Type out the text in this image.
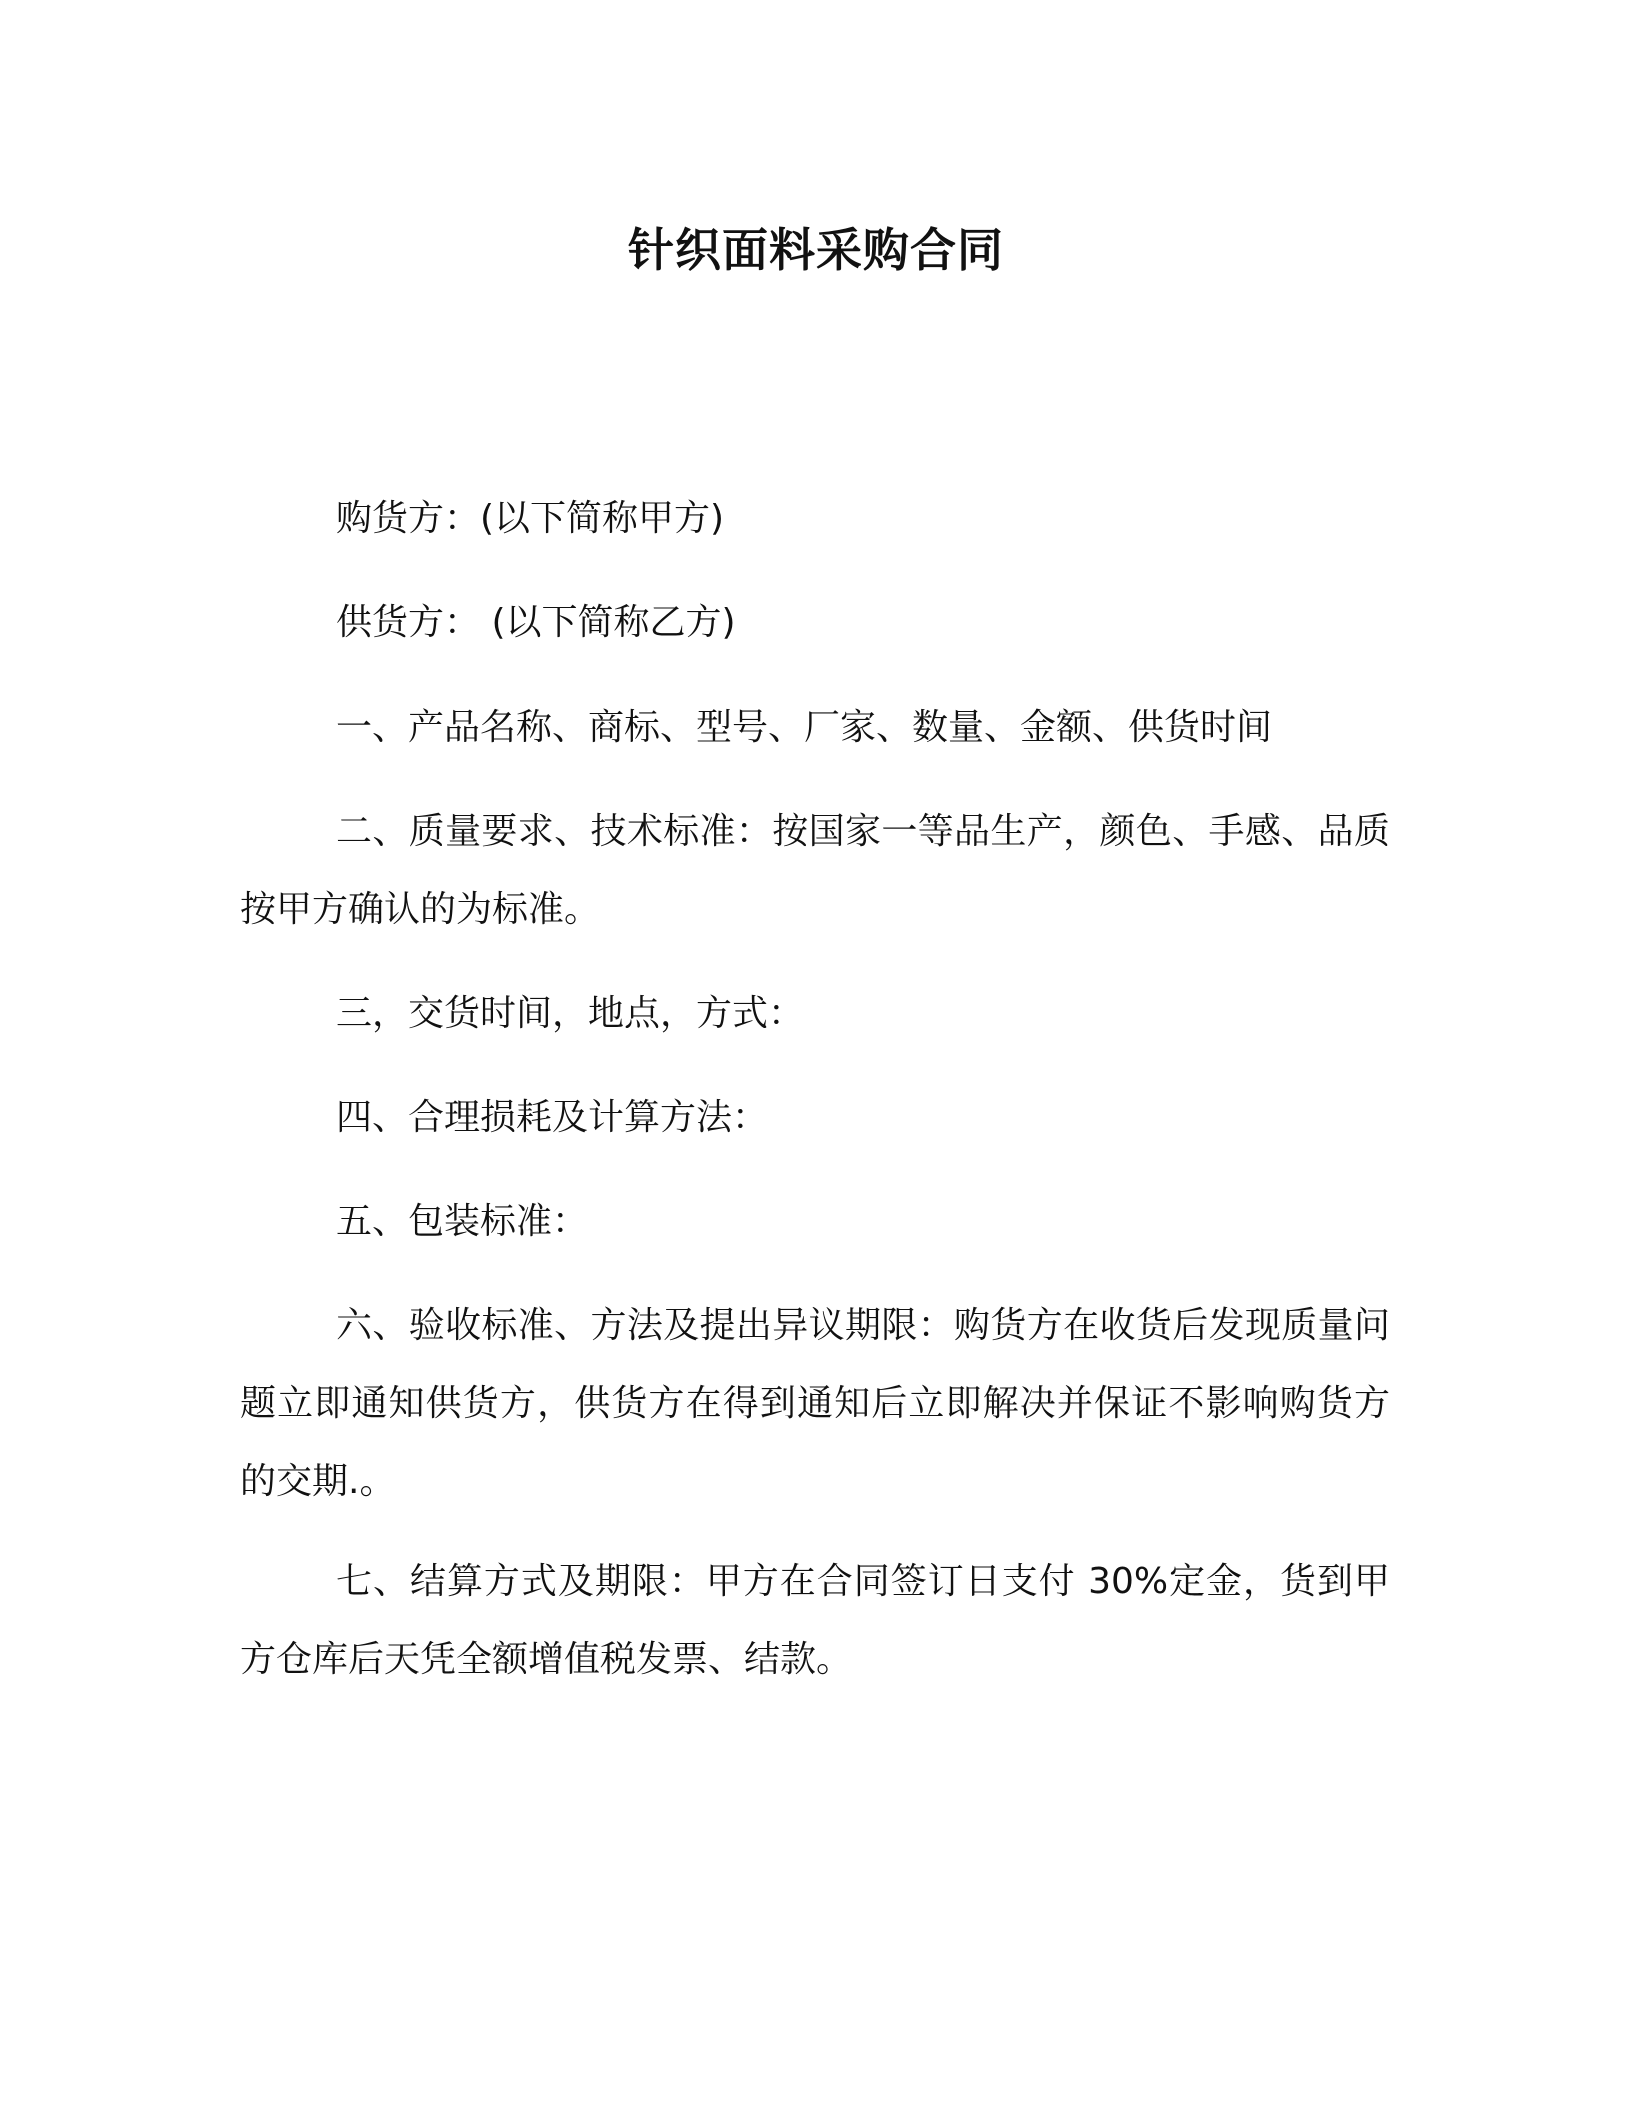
针织面料采购合同

购货方：(以下简称甲方)

供货方： (以下简称乙方)

一、产品名称、商标、型号、厂家、数量、金额、供货时间

二、质量要求、技术标准：按国家一等品生产，颜色、手感、品质按甲方确认的为标准。

三，交货时间，地点，方式：

四、合理损耗及计算方法：

五、包装标准：

六、验收标准、方法及提出异议期限：购货方在收货后发现质量问题立即通知供货方，供货方在得到通知后立即解决并保证不影响购货方的交期.。

七、结算方式及期限：甲方在合同签订日支付 30%定金，货到甲方仓库后天凭全额增值税发票、结款。
